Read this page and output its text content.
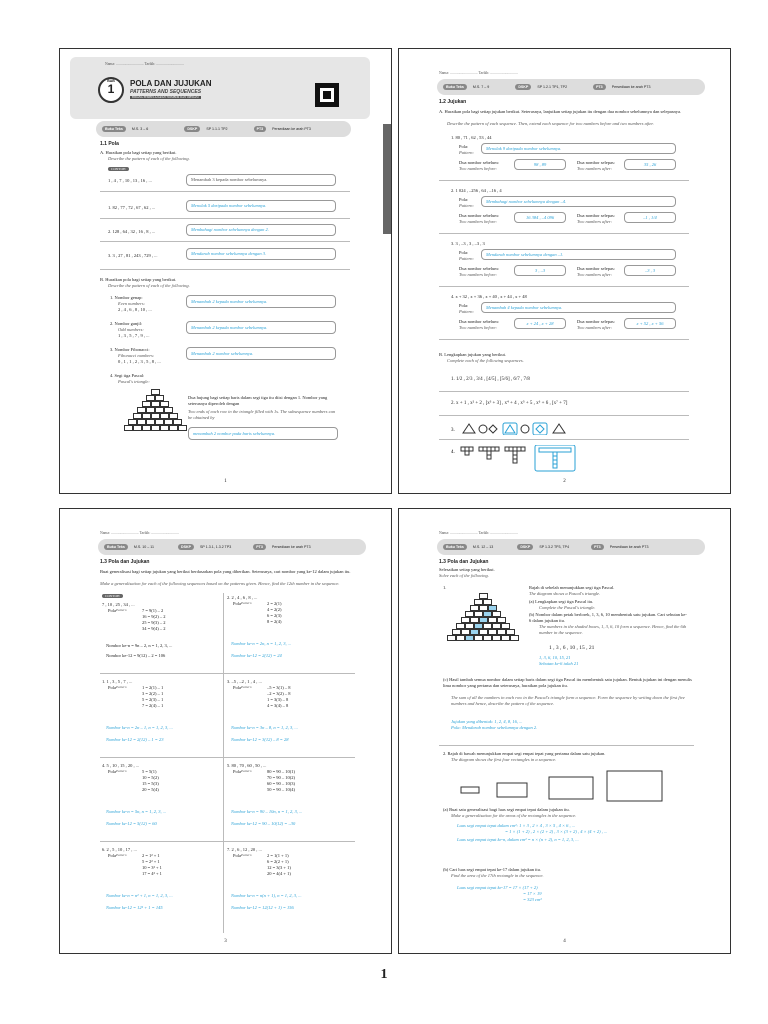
Nama: ............................. Tarikh: .............................
BAB
1	POLA DAN JUJUKAN
PATTERNS AND SEQUENCES
BIDANG PEMBELAJARAN: NOMBOR DAN OPERASI
Buku Teks	M.S. 3 – 6	DSKP	SP 1.1.1 TP2	PT3	Persediaan ke arah PT3
1.1 Pola
A. Huraikan pola bagi setiap yang berikut.
Describe the pattern of each of the following.
CONTOH
1 , 4 , 7 , 10 , 13 , 16 , ...	Menambah 3 kepada nombor sebelumnya.
1. 82 , 77 , 72 , 67 , 62 , ...	Menolak 5 daripada nombor sebelumnya.
2. 128 , 64 , 32 , 16 , 8 , ...	Membahagi nombor sebelumnya dengan 2.
3. 3 , 27 , 81 , 243 , 729 , ...	Mendarab nombor sebelumnya dengan 3.
B. Huraikan pola bagi setiap yang berikut.
Describe the pattern of each of the following.
1. Nombor genap:
Even numbers:
2 , 4 , 6 , 8 , 10 , ...
Menambah 2 kepada nombor sebelumnya.
2. Nombor ganjil:
Odd numbers:
1 , 3 , 5 , 7 , 9 , ...
Menambah 2 kepada nombor sebelumnya.
3. Nombor Fibonacci:
Fibonacci numbers:
0 , 1 , 1 , 2 , 3 , 5 , 8 , ...
Menambah 2 nombor sebelumnya.
4. Segi tiga Pascal:
Pascal's triangle:
Dua hujung bagi setiap baris dalam segi tiga itu diisi dengan 1. Nombor yang seterusnya diperoleh dengan
Two ends of each row in the triangle filled with 1s. The subsequence numbers can be obtained by
menambah 2 nombor pada baris sebelumnya.
1
Nama: ............................. Tarikh: .............................
Buku Teks	M.S. 7 – 9	DSKP	SP 1.2.1 TP1, TP2	PT3	Persediaan ke arah PT3
1.2 Jujukan
A. Huraikan pola bagi setiap jujukan berikut. Seterusnya, lanjutkan setiap jujukan itu dengan dua nombor sebelumnya dan selepasnya.
Describe the pattern of each sequence. Then, extend each sequence for two numbers before and two numbers after.
B. Lengkapkan jujukan yang berikut.
Complete each of the following sequences.
1. 1/2 , 2/3 , 3/4 , [4/5] , [5/6] , 6/7 , 7/8
2. x + 1 , x² + 2 , [x³ + 3] , x⁴ + 4 , x⁵ + 5 , x⁶ + 6 , [x⁷ + 7]
3.
4.
2
1. 80 , 71 , 62 , 53 , 44
Pola:
Pattern:
Menolak 9 daripada nombor sebelumnya.
Dua nombor sebelum:
Two numbers before:
98 , 89	Dua nombor selepas:
Two numbers after:
35 , 26
2. 1 024 , –256 , 64 , –16 , 4
Pola:
Pattern:
Membahagi nombor sebelumnya dengan –4.
Dua nombor sebelum:
Two numbers before:
16 384 , –4 096	Dua nombor selepas:
Two numbers after:
–1 , 1/4
3. 3 , –3 , 3 , –3 , 3
Pola:
Pattern:
Mendarab nombor sebelumnya dengan –1.
Dua nombor sebelum:
Two numbers before:
3 , –3	Dua nombor selepas:
Two numbers after:
–3 , 3
4. x + 32 , x + 36 , x + 40 , x + 44 , x + 48
Pola:
Pattern:
Menambah 4 kepada nombor sebelumnya.
Dua nombor sebelum:
Two numbers before:
x + 24 , x + 28	Dua nombor selepas:
Two numbers after:
x + 52 , x + 56
Nama: ............................. Tarikh: .............................
Buku Teks	M.S. 10 – 11	DSKP	SP 1.3.1, 1.3.2 TP3	PT3	Persediaan ke arah PT3
1.3 Pola dan Jujukan
Buat generalisasi bagi setiap jujukan yang berikut berdasarkan pola yang diberikan. Seterusnya, cari nombor yang ke-12 dalam jujukan itu.
Make a generalisation for each of the following sequences based on the patterns given. Hence, find the 12th number in the sequence.
3
CONTOH
7 , 10 , 25 , 34 , ...
Pola Pattern	7 = 9(1) – 2
16 = 9(2) – 2
25 = 9(3) – 2
34 = 9(4) – 2
Nombor ke-n = 9n – 2, n = 1, 2, 3, ...
Nombor ke-12 = 9(12) – 2 = 106
2. 2 , 4 , 6 , 8 , ...
Pola Pattern	2 = 2(1)
4 = 2(2)
6 = 2(3)
8 = 2(4)
Nombor ke-n = 2n, n = 1, 2, 3, ...
Nombor ke-12 = 2(12) = 24
1. 1 , 3 , 5 , 7 , ...
Pola Pattern	1 = 2(1) – 1
3 = 2(2) – 1
5 = 2(3) – 1
7 = 2(4) – 1
Nombor ke-n = 2n – 1, n = 1, 2, 3, ...
Nombor ke-12 = 2(12) – 1 = 23
3. –5 , –2 , 1 , 4 , ...
Pola Pattern	–5 = 3(1) – 8
–2 = 3(2) – 8
1 = 3(3) – 8
4 = 3(4) – 8
Nombor ke-n = 3n – 8, n = 1, 2, 3, ...
Nombor ke-12 = 3(12) – 8 = 28
4. 5 , 10 , 15 , 20 , ...
Pola Pattern	5 = 5(1)
10 = 5(2)
15 = 5(3)
20 = 5(4)
Nombor ke-n = 5n, n = 1, 2, 3, ...
Nombor ke-12 = 5(12) = 60
5. 80 , 70 , 60 , 50 , ...
Pola Pattern	80 = 90 – 10(1)
70 = 90 – 10(2)
60 = 90 – 10(3)
50 = 90 – 10(4)
Nombor ke-n = 90 – 10n, n = 1, 2, 3, ...
Nombor ke-12 = 90 – 10(12) = –30
6. 2 , 5 , 10 , 17 , ...
Pola Pattern	2 = 1² + 1
5 = 2² + 1
10 = 3² + 1
17 = 4² + 1
Nombor ke-n = n² + 1, n = 1, 2, 3, ...
Nombor ke-12 = 12² + 1 = 145
7. 2 , 6 , 12 , 20 , ...
Pola Pattern	2 = 1(1 + 1)
6 = 2(2 + 1)
12 = 3(3 + 1)
20 = 4(4 + 1)
Nombor ke-n = n(n + 1), n = 1, 2, 3, ...
Nombor ke-12 = 12(12 + 1) = 156
Nama: ............................. Tarikh: .............................
Buku Teks	M.S. 12 – 13	DSKP	SP 1.3.2 TP3, TP4	PT3	Persediaan ke arah PT3
1.3 Pola dan Jujukan
Selesaikan setiap yang berikut.
Solve each of the following.
1.	Rajah di sebelah menunjukkan segi tiga Pascal.
The diagram shows a Pascal's triangle.
(a) Lengkapkan segi tiga Pascal itu.
Complete the Pascal's triangle.
(b) Nombor dalam petak berlorek, 1, 3, 6, 10 membentuk satu jujukan. Cari sebutan ke-6 dalam jujukan itu.
The numbers in the shaded boxes, 1, 3, 6, 10 form a sequence. Hence, find the 6th number in the sequence.
1 , 3 , 6 , 10 , 15 , 21
1, 3, 6, 10, 15, 21
Sebutan ke-6 ialah 21
(c) Hasil tambah semua nombor dalam setiap baris dalam segi tiga Pascal itu membentuk satu jujukan. Bentuk jujukan ini dengan menulis lima nombor yang pertama dan seterusnya, huraikan pola jujukan itu.
The sum of all the numbers in each row in the Pascal's triangle form a sequence. Form the sequence by writing down the first five numbers and hence, describe the pattern of the sequence.
Jujukan yang dibentuk: 1, 2, 4, 8, 16, ...
Pola: Mendarab nombor sebelumnya dengan 2.
2. Rajah di bawah menunjukkan empat segi empat tepat yang pertama dalam satu jujukan.
The diagram shows the first four rectangles in a sequence.
(a) Buat satu generalisasi bagi luas segi empat tepat dalam jujukan itu.
Make a generalisation for the areas of the rectangles in the sequence.
Luas segi empat tepat dalam cm²: 1 × 3 , 2 × 4 , 3 × 5 , 4 × 6 , ...
= 1 × (1 + 2) , 2 × (2 + 2) , 3 × (3 + 2) , 4 × (4 + 2) , ...
Luas segi empat tepat ke-n, dalam cm² = n × (n + 2), n = 1, 2, 3, ...
(b) Cari luas segi empat tepat ke-17 dalam jujukan itu.
Find the area of the 17th rectangle in the sequence.
Luas segi empat tepat ke-17 = 17 × (17 + 2)
= 17 × 19
= 323 cm²
4
1
